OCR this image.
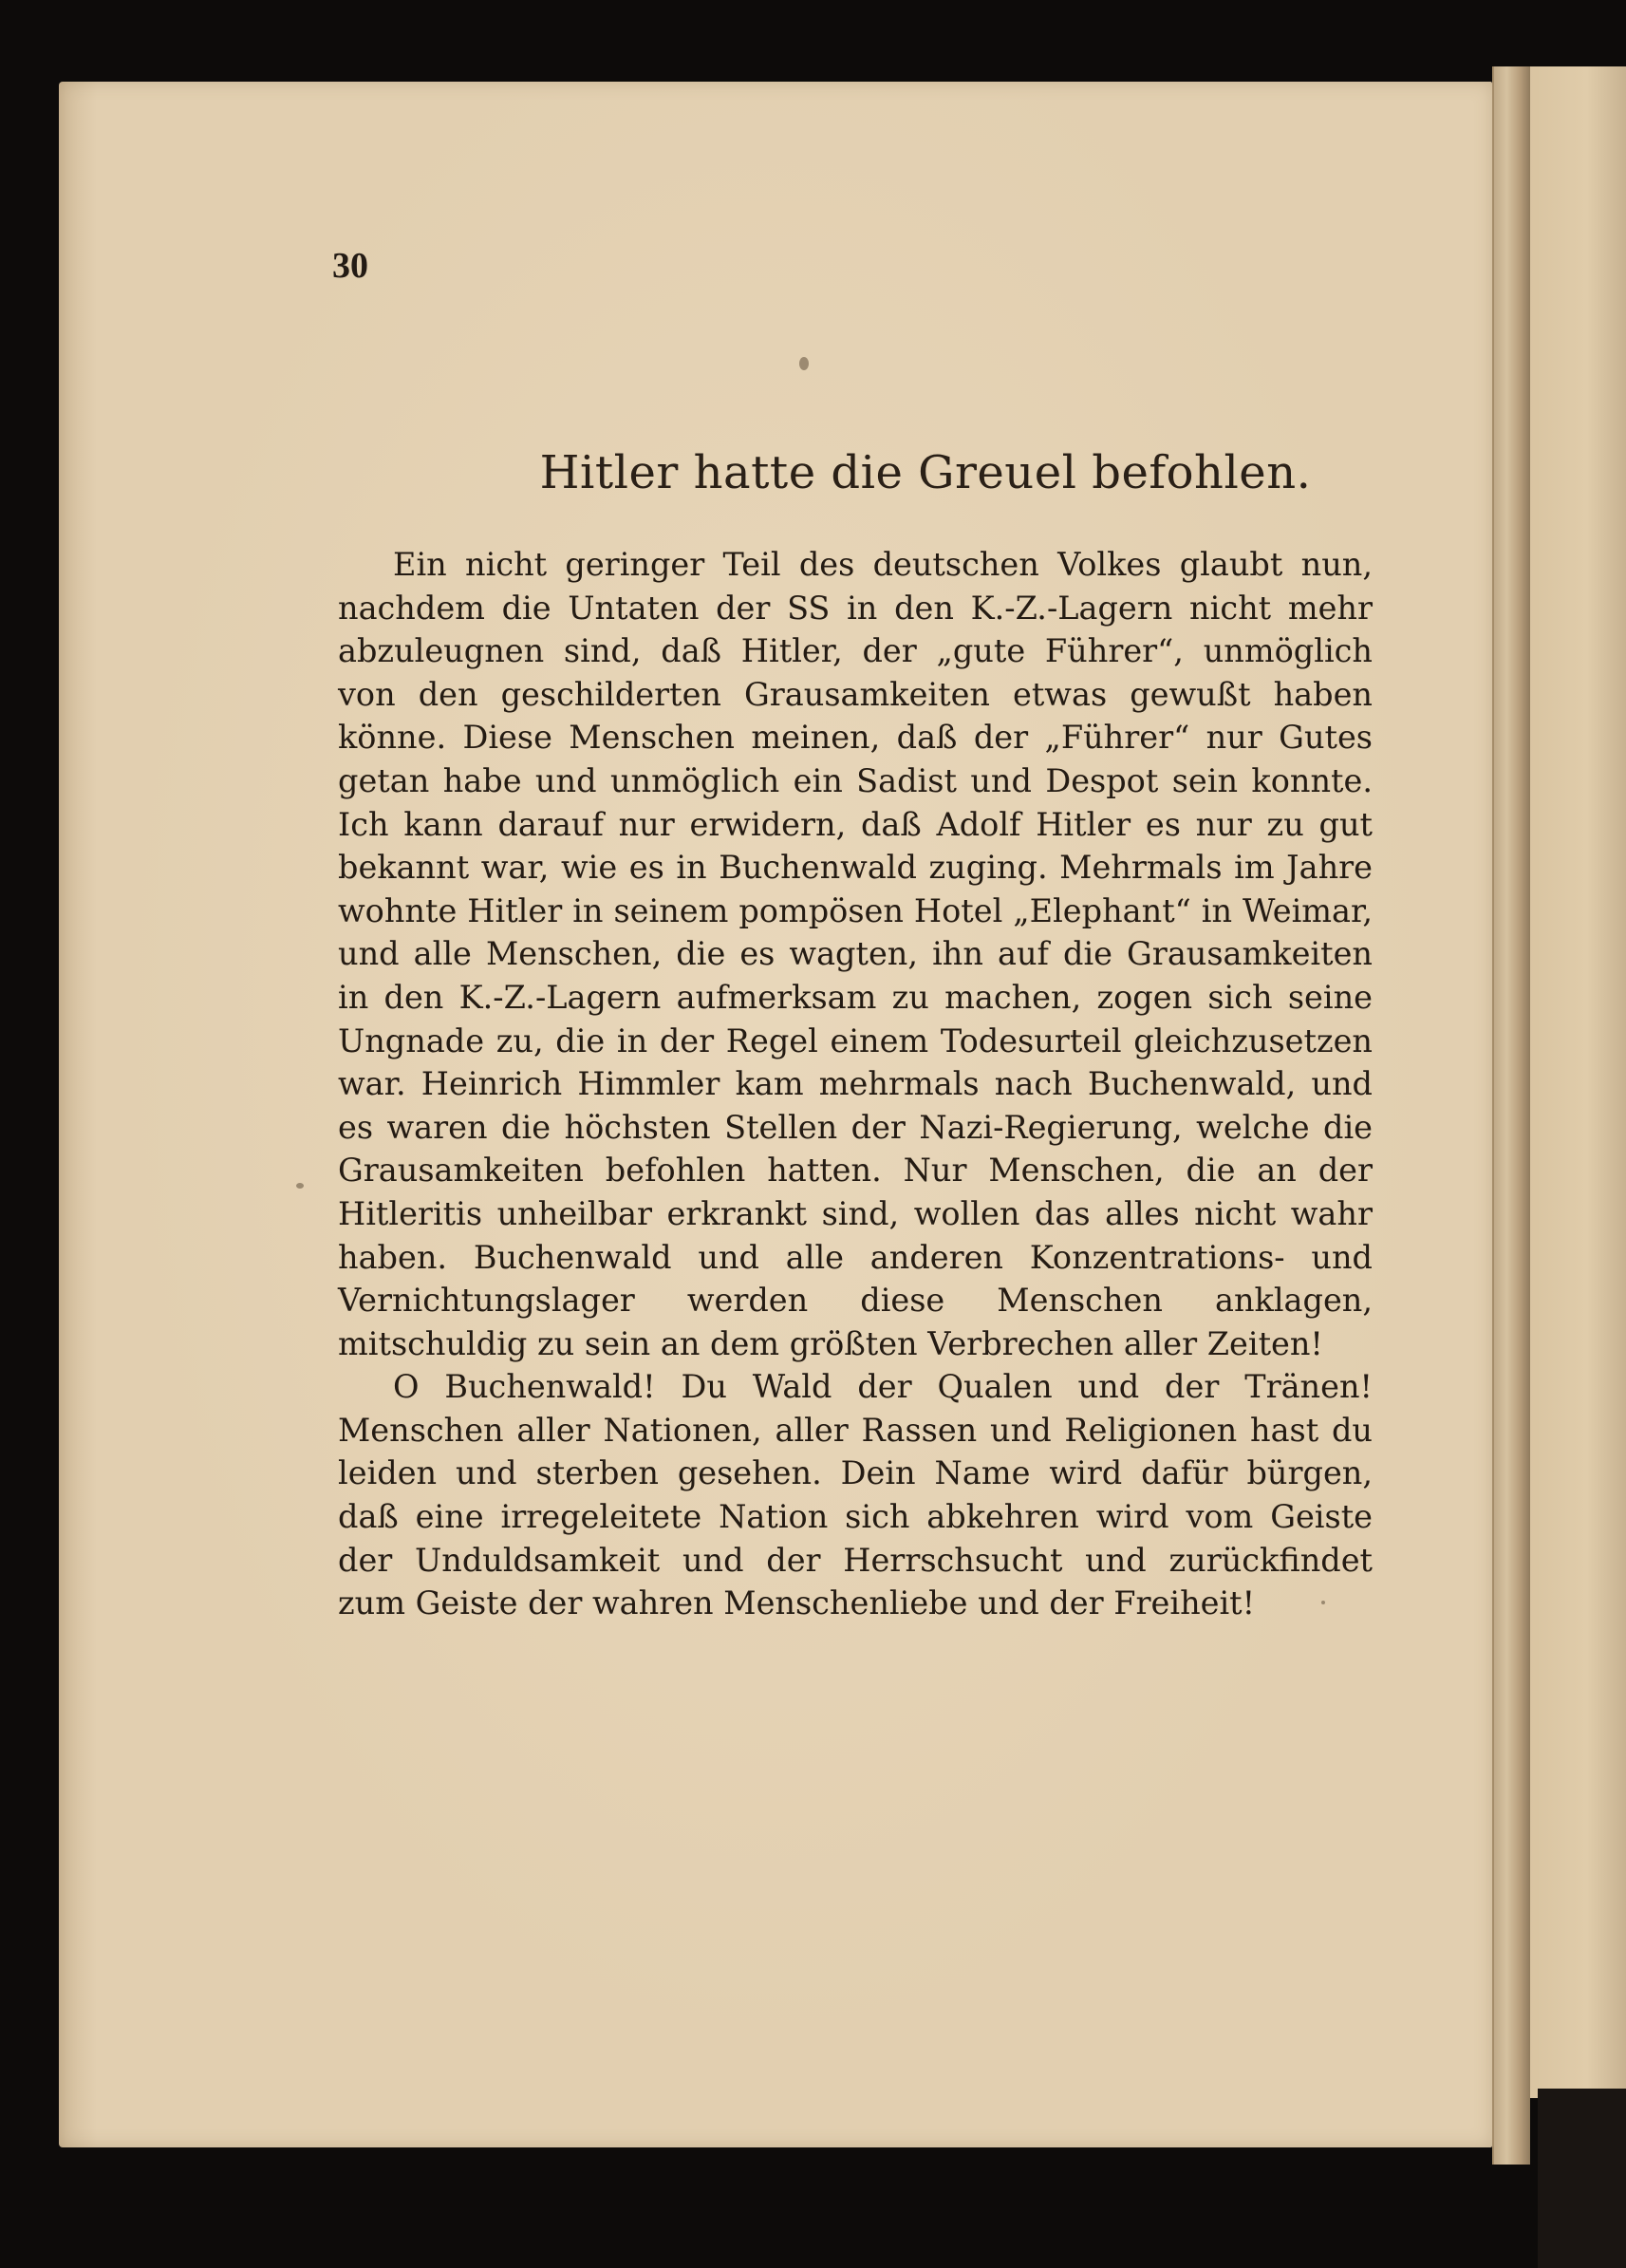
30
Hitler hatte die Greuel befohlen.

Ein nicht geringer Teil des deutschen Volkes glaubt nun, nachdem die Untaten der SS in den K.-Z.-Lagern nicht mehr abzuleugnen sind, daß Hitler, der „gute Führer“, unmöglich von den geschilderten Grausamkeiten etwas gewußt haben könne. Diese Menschen meinen, daß der „Führer“ nur Gutes getan habe und unmöglich ein Sadist und Despot sein konnte. Ich kann darauf nur erwidern, daß Adolf Hitler es nur zu gut bekannt war, wie es in Buchenwald zuging. Mehrmals im Jahre wohnte Hitler in seinem pompösen Hotel „Elephant“ in Weimar, und alle Menschen, die es wagten, ihn auf die Grausamkeiten in den K.-Z.-Lagern aufmerksam zu machen, zogen sich seine Ungnade zu, die in der Regel einem Todesurteil gleichzusetzen war. Heinrich Himmler kam mehrmals nach Buchenwald, und es waren die höchsten Stellen der Nazi-Regierung, welche die Grausamkeiten befohlen hatten. Nur Menschen, die an der Hitleritis unheilbar erkrankt sind, wollen das alles nicht wahr haben. Buchenwald und alle anderen Konzentrations- und Vernichtungslager werden diese Menschen anklagen, mitschuldig zu sein an dem größten Verbrechen aller Zeiten!

O Buchenwald! Du Wald der Qualen und der Tränen! Menschen aller Nationen, aller Rassen und Religionen hast du leiden und sterben gesehen. Dein Name wird dafür bürgen, daß eine irregeleitete Nation sich abkehren wird vom Geiste der Unduldsamkeit und der Herrschsucht und zurückfindet zum Geiste der wahren Menschenliebe und der Freiheit!
